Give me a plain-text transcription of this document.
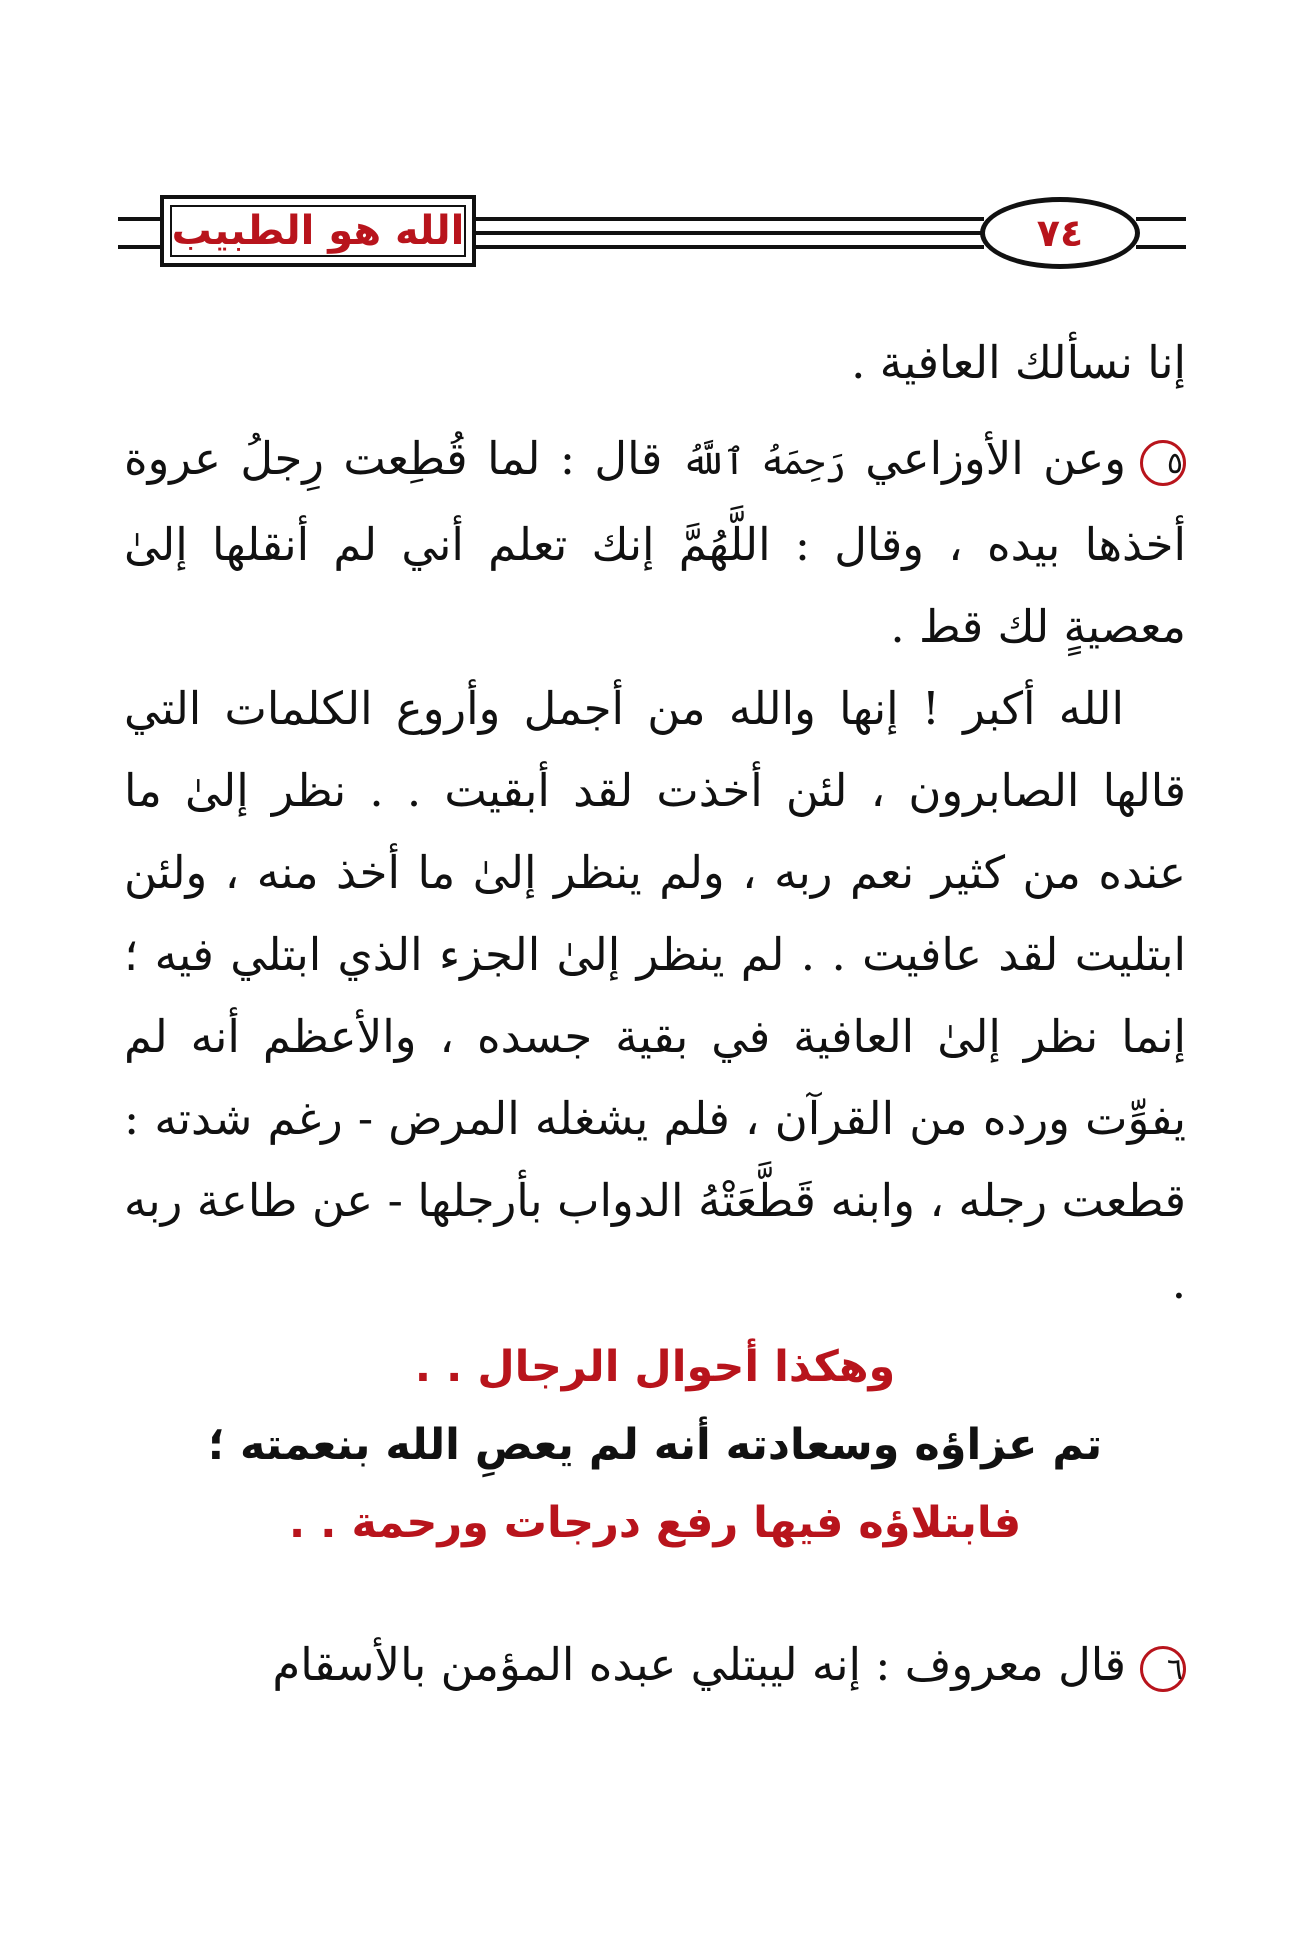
الله هو الطبيب	٧٤

إنا نسألك العافية .

٥وعن الأوزاعي رَحِمَهُ ٱللَّهُ قال : لما قُطِعت رِجلُ عروة أخذها بيده ، وقال : اللَّهُمَّ إنك تعلم أني لم أنقلها إلىٰ معصيةٍ لك قط .

الله أكبر ! إنها والله من أجمل وأروع الكلمات التي قالها الصابرون ، لئن أخذت لقد أبقيت . . نظر إلىٰ ما عنده من كثير نعم ربه ، ولم ينظر إلىٰ ما أخذ منه ، ولئن ابتليت لقد عافيت . . لم ينظر إلىٰ الجزء الذي ابتلي فيه ؛ إنما نظر إلىٰ العافية في بقية جسده ، والأعظم أنه لم يفوِّت ورده من القرآن ، فلم يشغله المرض - رغم شدته : قطعت رجله ، وابنه قَطَّعَتْهُ الدواب بأرجلها - عن طاعة ربه .

وهكذا أحوال الرجال . .

تم عزاؤه وسعادته أنه لم يعصِ الله بنعمته ؛

فابتلاؤه فيها رفع درجات ورحمة . .

٦قال معروف : إنه ليبتلي عبده المؤمن بالأسقام
